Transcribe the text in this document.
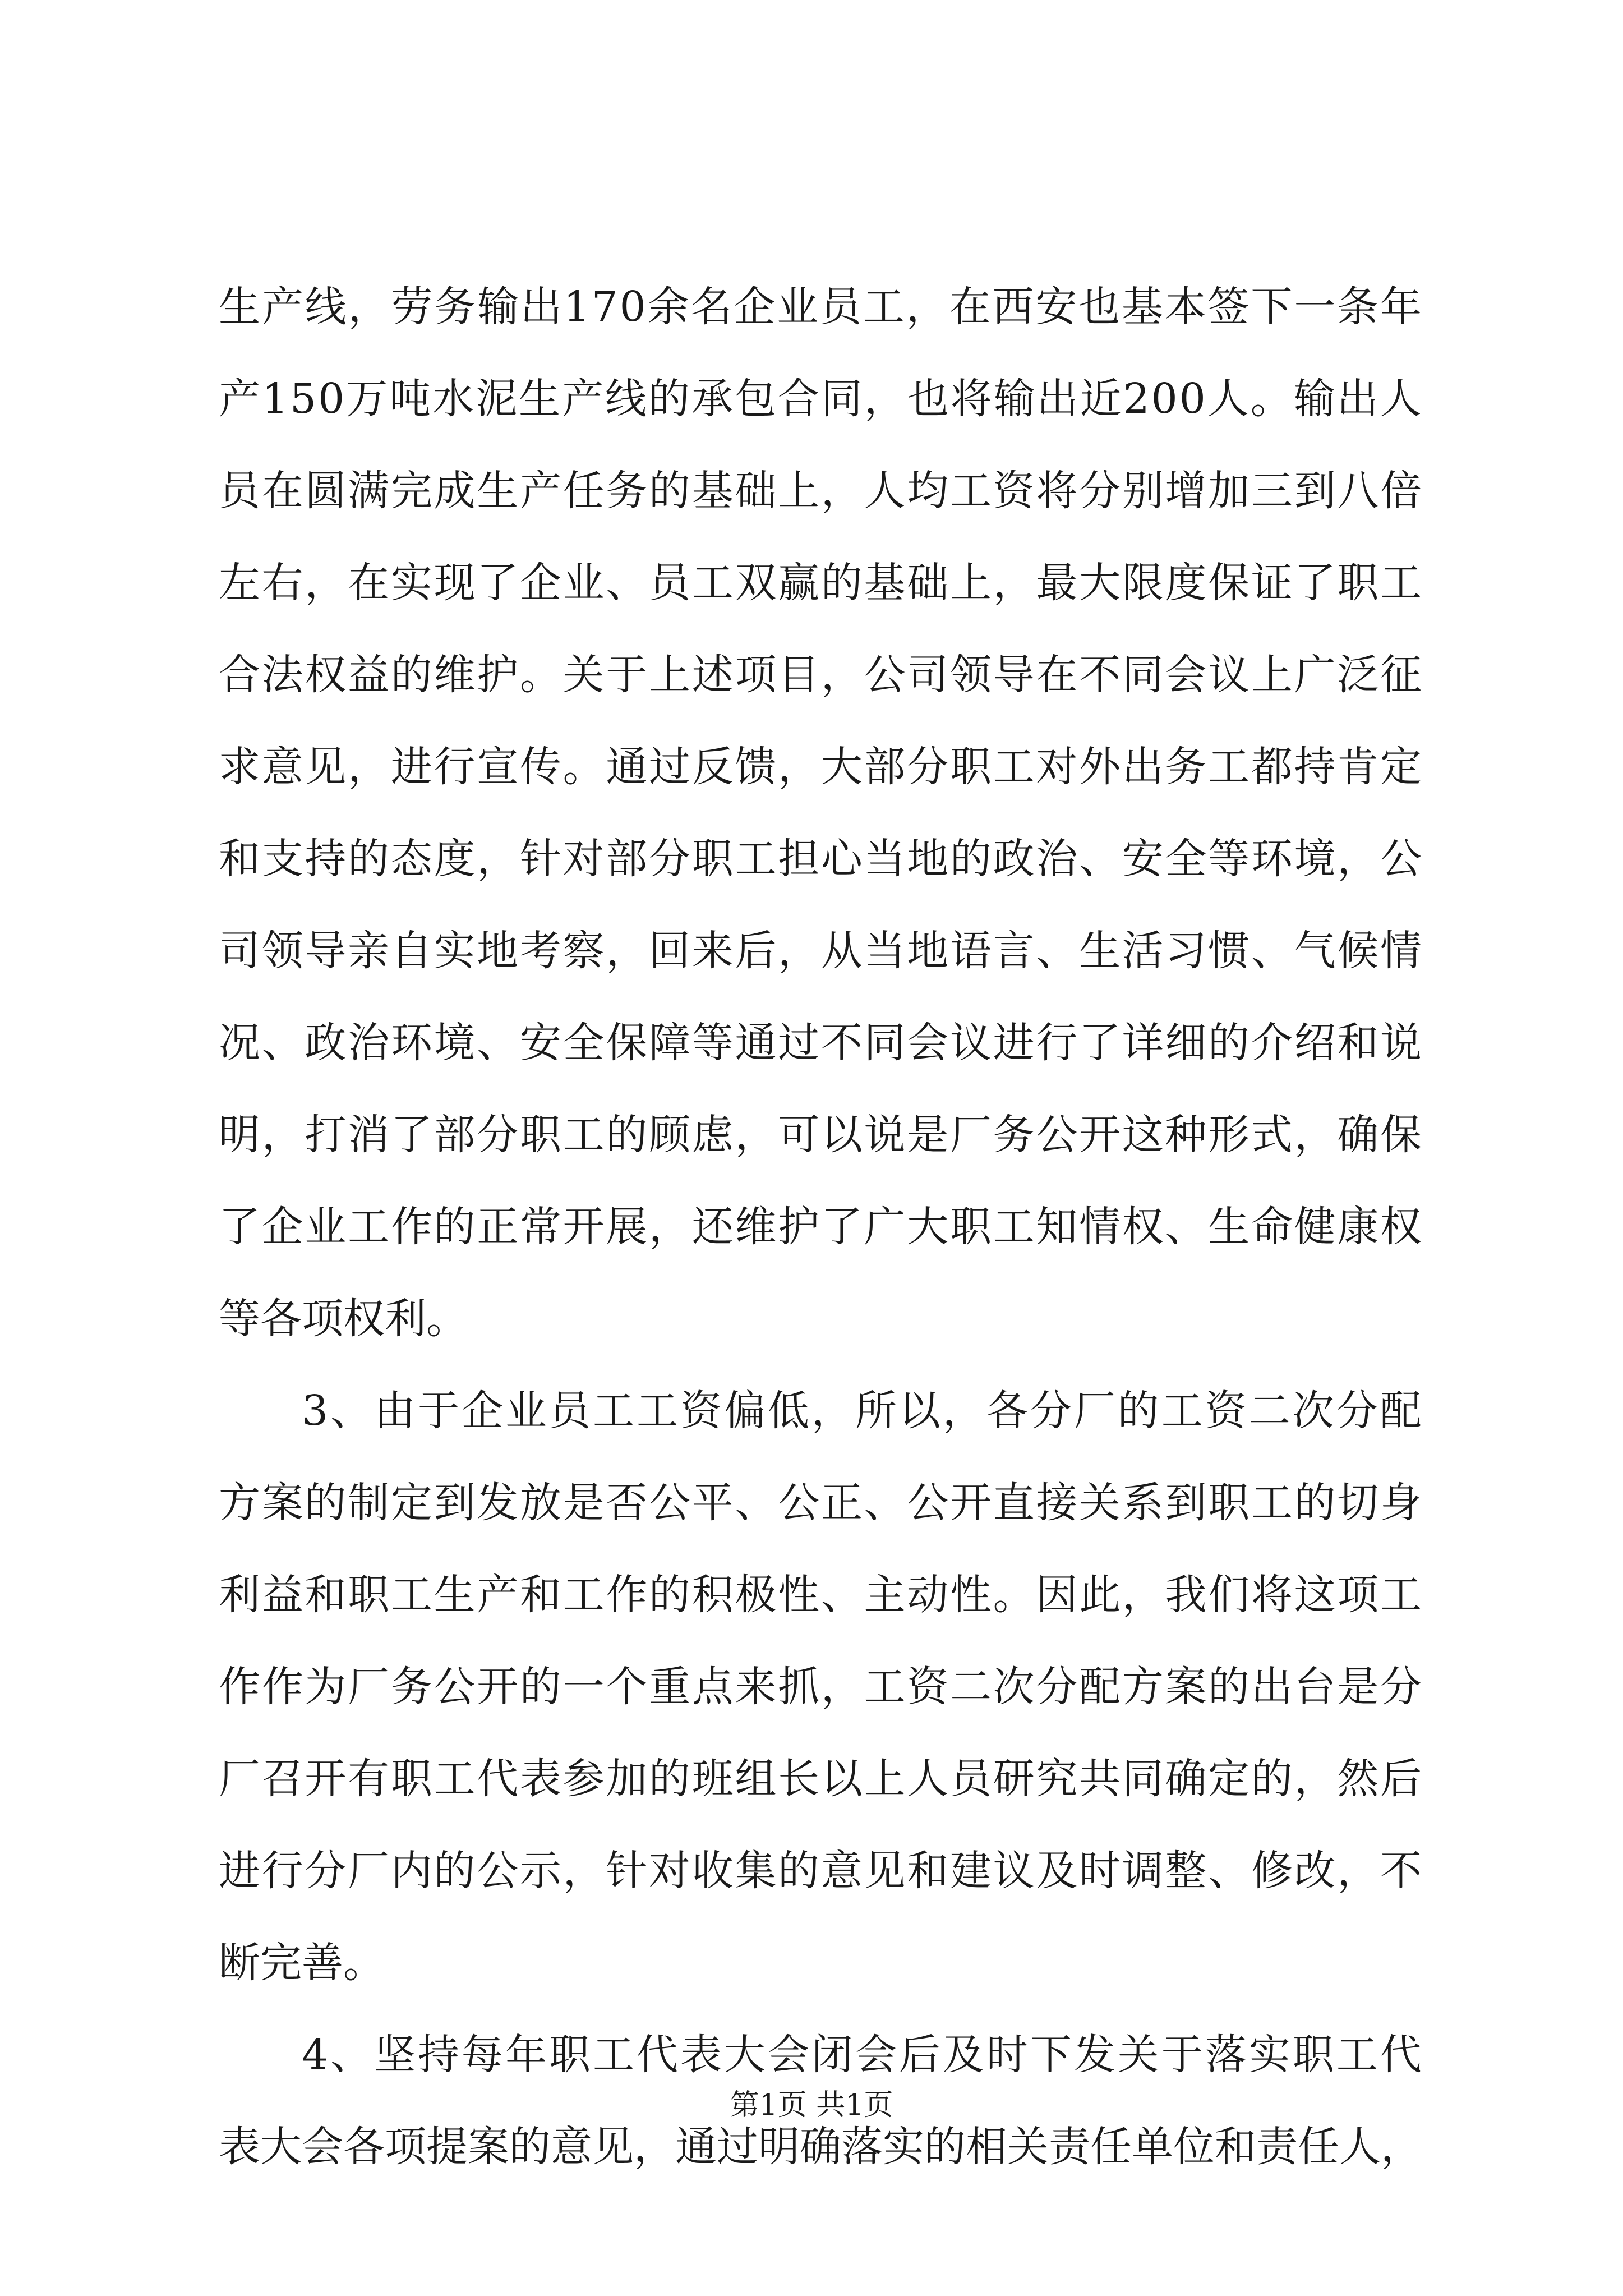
生 产 线 ， 劳 务 输 出 1 7 0 余 名 企 业 员 工 ， 在 西 安 也 基 本 签 下 一 条 年
产 1 5 0 万 吨 水 泥 生 产 线 的 承 包 合 同 ， 也 将 输 出 近 2 0 0 人 。 输 出 人
员 在 圆 满 完 成 生 产 任 务 的 基 础 上 ， 人 均 工 资 将 分 别 增 加 三 到 八 倍
左 右 ， 在 实 现 了 企 业 、 员 工 双 赢 的 基 础 上 ， 最 大 限 度 保 证 了 职 工
合 法 权 益 的 维 护 。 关 于 上 述 项 目 ， 公 司 领 导 在 不 同 会 议 上 广 泛 征
求 意 见 ， 进 行 宣 传 。 通 过 反 馈 ， 大 部 分 职 工 对 外 出 务 工 都 持 肯 定
和 支 持 的 态 度 ， 针 对 部 分 职 工 担 心 当 地 的 政 治 、 安 全 等 环 境 ， 公
司 领 导 亲 自 实 地 考 察 ， 回 来 后 ， 从 当 地 语 言 、 生 活 习 惯 、 气 候 情
况 、 政 治 环 境 、 安 全 保 障 等 通 过 不 同 会 议 进 行 了 详 细 的 介 绍 和 说
明 ， 打 消 了 部 分 职 工 的 顾 虑 ， 可 以 说 是 厂 务 公 开 这 种 形 式 ， 确 保
了 企 业 工 作 的 正 常 开 展 ， 还 维 护 了 广 大 职 工 知 情 权 、 生 命 健 康 权
等 各 项 权 利 。
3 、 由 于 企 业 员 工 工 资 偏 低 ， 所 以 ， 各 分 厂 的 工 资 二 次 分 配
方 案 的 制 定 到 发 放 是 否 公 平 、 公 正 、 公 开 直 接 关 系 到 职 工 的 切 身
利 益 和 职 工 生 产 和 工 作 的 积 极 性 、 主 动 性 。 因 此 ， 我 们 将 这 项 工
作 作 为 厂 务 公 开 的 一 个 重 点 来 抓 ， 工 资 二 次 分 配 方 案 的 出 台 是 分
厂 召 开 有 职 工 代 表 参 加 的 班 组 长 以 上 人 员 研 究 共 同 确 定 的 ， 然 后
进 行 分 厂 内 的 公 示 ， 针 对 收 集 的 意 见 和 建 议 及 时 调 整 、 修 改 ， 不
断 完 善 。
4 、 坚 持 每 年 职 工 代 表 大 会 闭 会 后 及 时 下 发 关 于 落 实 职 工 代
表 大 会 各 项 提 案 的 意 见 ， 通 过 明 确 落 实 的 相 关 责 任 单 位 和 责 任 人 ，
第1页 共1页
